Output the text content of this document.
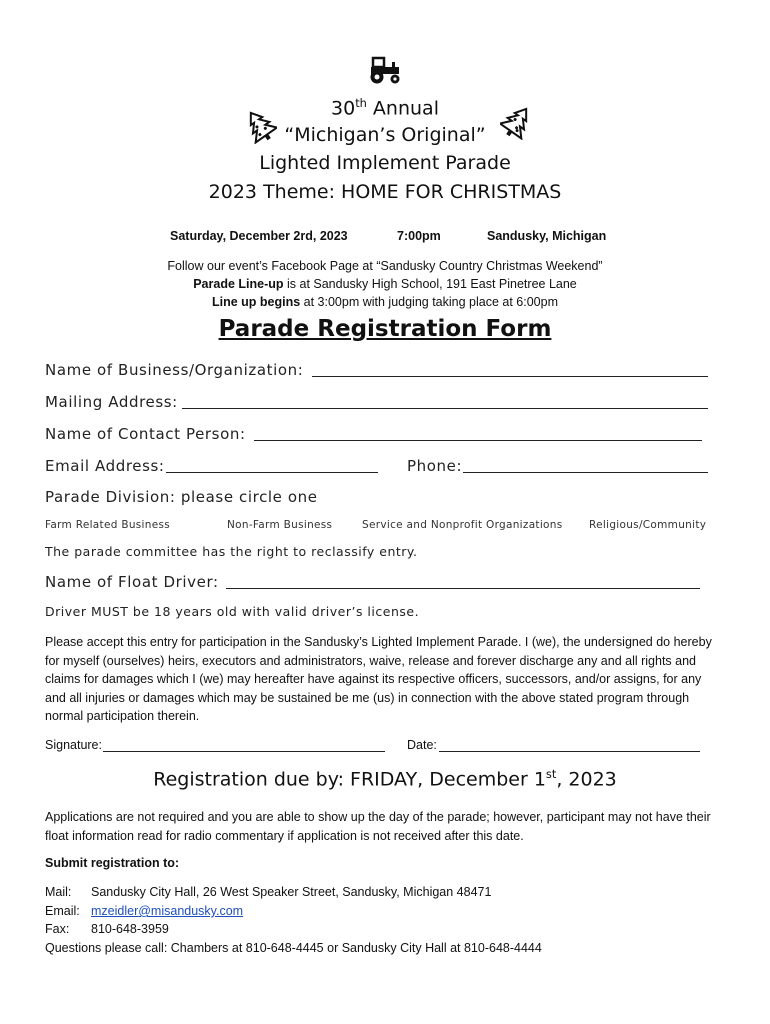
30th Annual
“Michigan’s Original”
Lighted Implement Parade
2023 Theme: HOME FOR CHRISTMAS
Saturday, December 2rd, 2023	7:00pm	Sandusky, Michigan
Follow our event’s Facebook Page at “Sandusky Country Christmas Weekend”
Parade Line-up is at Sandusky High School, 191 East Pinetree Lane
Line up begins at 3:00pm with judging taking place at 6:00pm
Parade Registration Form
Name of Business/Organization:
Mailing Address:
Name of Contact Person:
Email Address:	Phone:
Parade Division: please circle one
Farm Related Business	Non-Farm Business	Service and Nonprofit Organizations	Religious/Community
The parade committee has the right to reclassify entry.
Name of Float Driver:
Driver MUST be 18 years old with valid driver’s license.
Please accept this entry for participation in the Sandusky’s Lighted Implement Parade. I (we), the undersigned do hereby for myself (ourselves) heirs, executors and administrators, waive, release and forever discharge any and all rights and claims for damages which I (we) may hereafter have against its respective officers, successors, and/or assigns, for any and all injuries or damages which may be sustained be me (us) in connection with the above stated program through normal participation therein.
Signature:	Date:
Registration due by: FRIDAY, December 1st, 2023
Applications are not required and you are able to show up the day of the parade; however, participant may not have their float information read for radio commentary if application is not received after this date.
Submit registration to:
Mail: Sandusky City Hall, 26 West Speaker Street, Sandusky, Michigan 48471
Email: mzeidler@misandusky.com
Fax: 810-648-3959
Questions please call: Chambers at 810-648-4445 or Sandusky City Hall at 810-648-4444
